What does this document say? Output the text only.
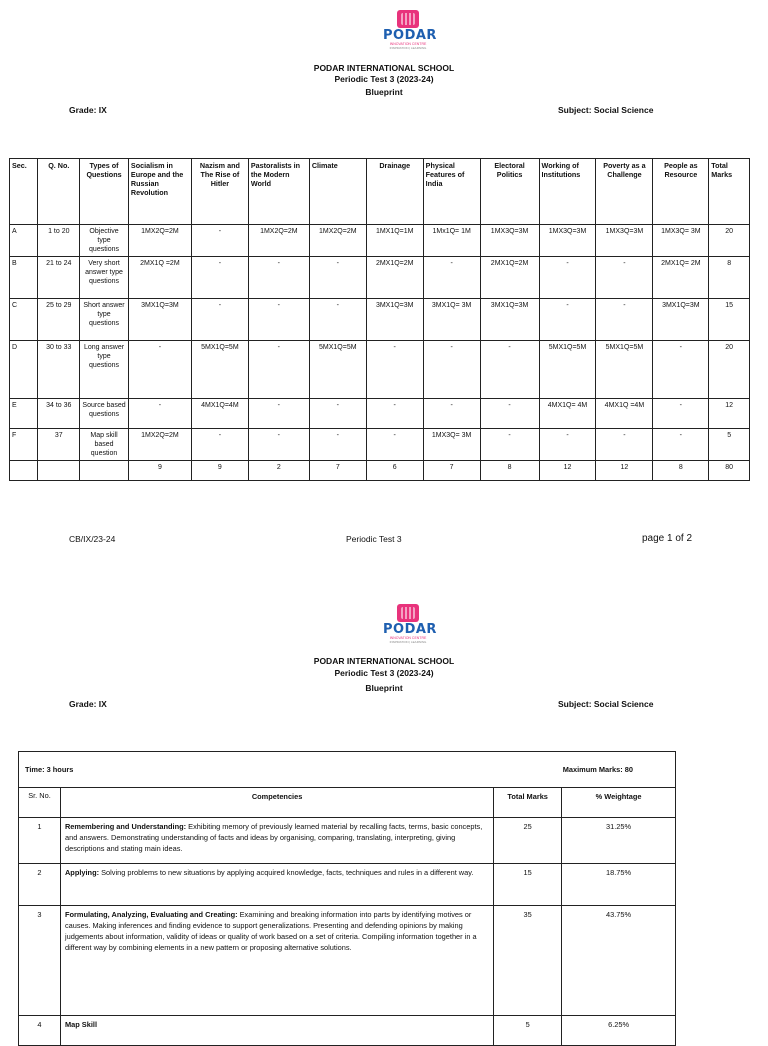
PODAR
INNOVATION CENTRE
INSPIRATION | LEARNING
PODAR INTERNATIONAL SCHOOL
Periodic Test 3 (2023-24)
Blueprint
Grade: IX	Subject: Social Science
Sec.	Q. No.	Types of Questions	Socialism in Europe and the Russian Revolution	Nazism and The Rise of Hitler	Pastoralists in the Modern World	Climate	Drainage	Physical Features of India	Electoral Politics	Working of Institutions	Poverty as a Challenge	People as Resource	Total Marks
A	1 to 20	Objective type questions	1MX2Q=2M	-	1MX2Q=2M	1MX2Q=2M	1MX1Q=1M	1Mx1Q= 1M	1MX3Q=3M	1MX3Q=3M	1MX3Q=3M	1MX3Q= 3M	20
B	21 to 24	Very short answer type questions	2MX1Q =2M	-	-	-	2MX1Q=2M	-	2MX1Q=2M	-	-	2MX1Q= 2M	8
C	25 to 29	Short answer type questions	3MX1Q=3M	-	-	-	3MX1Q=3M	3MX1Q= 3M	3MX1Q=3M	-	-	3MX1Q=3M	15
D	30 to 33	Long answer type questions	-	5MX1Q=5M	-	5MX1Q=5M	-	-	-	5MX1Q=5M	5MX1Q=5M	-	20
E	34 to 36	Source based questions	-	4MX1Q=4M	-	-	-	-	-	4MX1Q= 4M	4MX1Q =4M	-	12
F	37	Map skill based question	1MX2Q=2M	-	-	-	-	1MX3Q= 3M	-	-	-	-	5
			9	9	2	7	6	7	8	12	12	8	80
CB/IX/23-24	Periodic Test 3	page 1 of 2
PODAR
INNOVATION CENTRE
INSPIRATION | LEARNING
PODAR INTERNATIONAL SCHOOL
Periodic Test 3 (2023-24)
Blueprint
Grade: IX	Subject: Social Science
Time: 3 hours Maximum Marks: 80			

Sr. No.	Competencies	Total Marks	% Weightage
1	Remembering and Understanding: Exhibiting memory of previously learned material by recalling facts, terms, basic concepts, and answers. Demonstrating understanding of facts and ideas by organising, comparing, translating, interpreting, giving descriptions and stating main ideas.	25	31.25%
2	Applying: Solving problems to new situations by applying acquired knowledge, facts, techniques and rules in a different way.	15	18.75%
3	Formulating, Analyzing, Evaluating and Creating: Examining and breaking information into parts by identifying motives or causes. Making inferences and finding evidence to support generalizations. Presenting and defending opinions by making judgements about information, validity of ideas or quality of work based on a set of criteria. Compiling information together in a different way by combining elements in a new pattern or proposing alternative solutions.	35	43.75%
4	Map Skill	5	6.25%
